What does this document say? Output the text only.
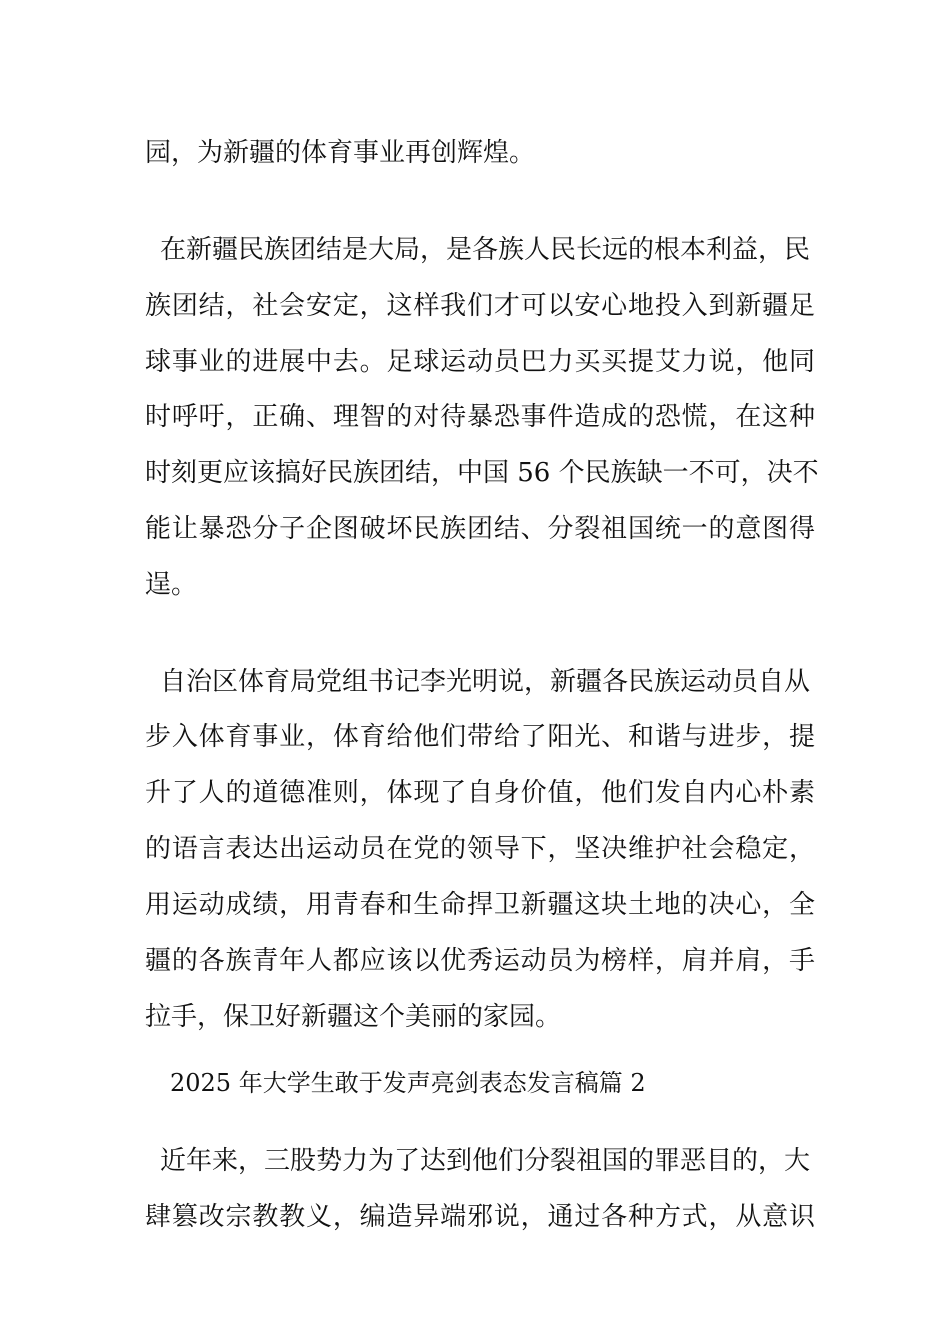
园，为新疆的体育事业再创辉煌。
在新疆民族团结是大局，是各族人民长远的根本利益，民
族团结，社会安定，这样我们才可以安心地投入到新疆足
球事业的进展中去。足球运动员巴力买买提艾力说，他同
时呼吁，正确、理智的对待暴恐事件造成的恐慌，在这种
时刻更应该搞好民族团结，中国 56 个民族缺一不可，决不
能让暴恐分子企图破坏民族团结、分裂祖国统一的意图得
逞。
自治区体育局党组书记李光明说，新疆各民族运动员自从
步入体育事业，体育给他们带给了阳光、和谐与进步，提
升了人的道德准则，体现了自身价值，他们发自内心朴素
的语言表达出运动员在党的领导下，坚决维护社会稳定，
用运动成绩，用青春和生命捍卫新疆这块土地的决心，全
疆的各族青年人都应该以优秀运动员为榜样，肩并肩，手
拉手，保卫好新疆这个美丽的家园。
2025 年大学生敢于发声亮剑表态发言稿篇 2
近年来，三股势力为了达到他们分裂祖国的罪恶目的，大
肆篡改宗教教义，编造异端邪说，通过各种方式，从意识
